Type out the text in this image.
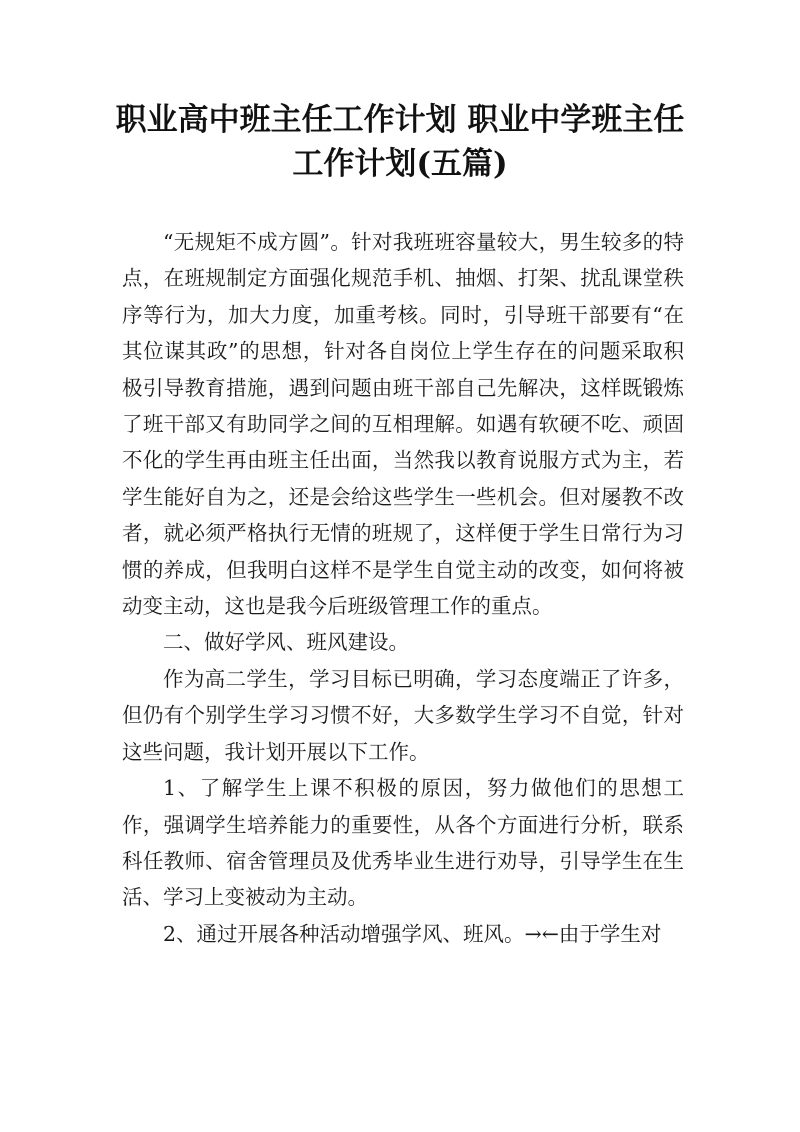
职业高中班主任工作计划 职业中学班主任工作计划(五篇)

“无规矩不成方圆”。针对我班班容量较大，男生较多的特点，在班规制定方面强化规范手机、抽烟、打架、扰乱课堂秩序等行为，加大力度，加重考核。同时，引导班干部要有“在其位谋其政”的思想，针对各自岗位上学生存在的问题采取积极引导教育措施，遇到问题由班干部自己先解决，这样既锻炼了班干部又有助同学之间的互相理解。如遇有软硬不吃、顽固不化的学生再由班主任出面，当然我以教育说服方式为主，若学生能好自为之，还是会给这些学生一些机会。但对屡教不改者，就必须严格执行无情的班规了，这样便于学生日常行为习惯的养成，但我明白这样不是学生自觉主动的改变，如何将被动变主动，这也是我今后班级管理工作的重点。

二、做好学风、班风建设。

作为高二学生，学习目标已明确，学习态度端正了许多，但仍有个别学生学习习惯不好，大多数学生学习不自觉，针对这些问题，我计划开展以下工作。

1、了解学生上课不积极的原因，努力做他们的思想工作，强调学生培养能力的重要性，从各个方面进行分析，联系科任教师、宿舍管理员及优秀毕业生进行劝导，引导学生在生活、学习上变被动为主动。

2、通过开展各种活动增强学风、班风。→←由于学生对
